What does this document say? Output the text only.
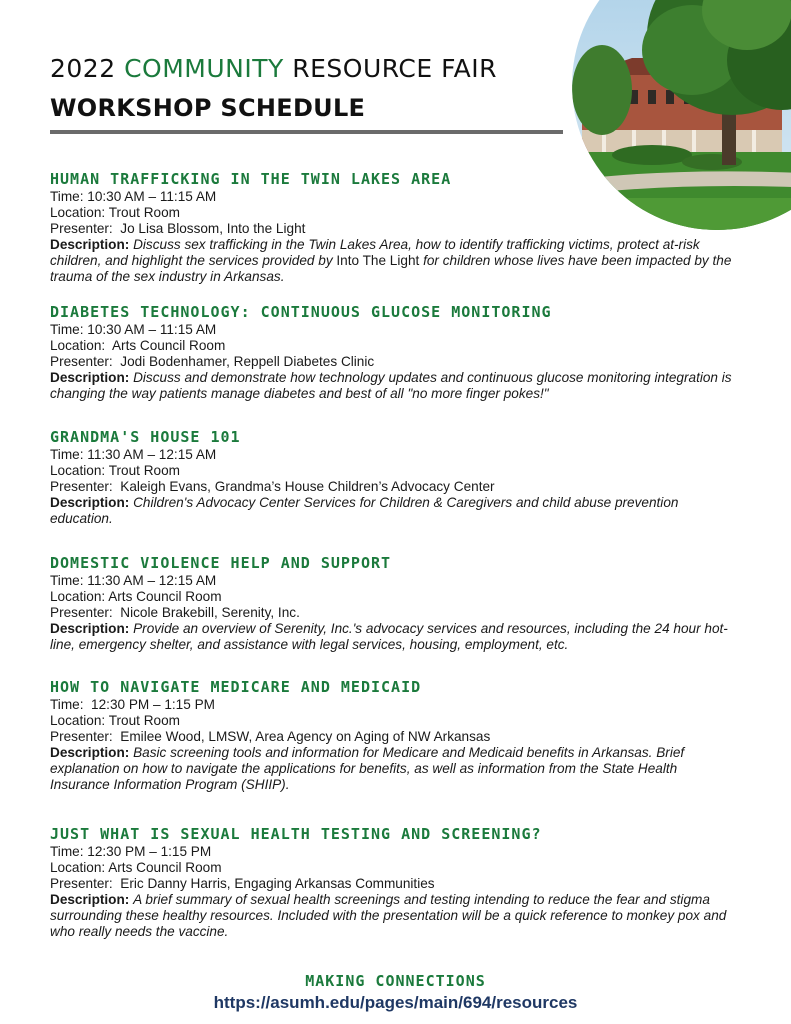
2022 COMMUNITY RESOURCE FAIR
WORKSHOP SCHEDULE
HUMAN TRAFFICKING IN THE TWIN LAKES AREA
Time: 10:30 AM – 11:15 AM
Location: Trout Room
Presenter: Jo Lisa Blossom, Into the Light
Description: Discuss sex trafficking in the Twin Lakes Area, how to identify trafficking victims, protect at-risk children, and highlight the services provided by Into The Light for children whose lives have been impacted by the trauma of the sex industry in Arkansas.
DIABETES TECHNOLOGY: CONTINUOUS GLUCOSE MONITORING
Time: 10:30 AM – 11:15 AM
Location: Arts Council Room
Presenter: Jodi Bodenhamer, Reppell Diabetes Clinic
Description: Discuss and demonstrate how technology updates and continuous glucose monitoring integration is changing the way patients manage diabetes and best of all "no more finger pokes!"
GRANDMA'S HOUSE 101
Time: 11:30 AM – 12:15 AM
Location: Trout Room
Presenter: Kaleigh Evans, Grandma’s House Children’s Advocacy Center
Description: Children's Advocacy Center Services for Children & Caregivers and child abuse prevention education.
DOMESTIC VIOLENCE HELP AND SUPPORT
Time: 11:30 AM – 12:15 AM
Location: Arts Council Room
Presenter: Nicole Brakebill, Serenity, Inc.
Description: Provide an overview of Serenity, Inc.'s advocacy services and resources, including the 24 hour hot-line, emergency shelter, and assistance with legal services, housing, employment, etc.
HOW TO NAVIGATE MEDICARE AND MEDICAID
Time: 12:30 PM – 1:15 PM
Location: Trout Room
Presenter: Emilee Wood, LMSW, Area Agency on Aging of NW Arkansas
Description: Basic screening tools and information for Medicare and Medicaid benefits in Arkansas. Brief explanation on how to navigate the applications for benefits, as well as information from the State Health Insurance Information Program (SHIIP).
JUST WHAT IS SEXUAL HEALTH TESTING AND SCREENING?
Time: 12:30 PM – 1:15 PM
Location: Arts Council Room
Presenter: Eric Danny Harris, Engaging Arkansas Communities
Description: A brief summary of sexual health screenings and testing intending to reduce the fear and stigma surrounding these healthy resources. Included with the presentation will be a quick reference to monkey pox and who really needs the vaccine.
MAKING CONNECTIONS
https://asumh.edu/pages/main/694/resources
